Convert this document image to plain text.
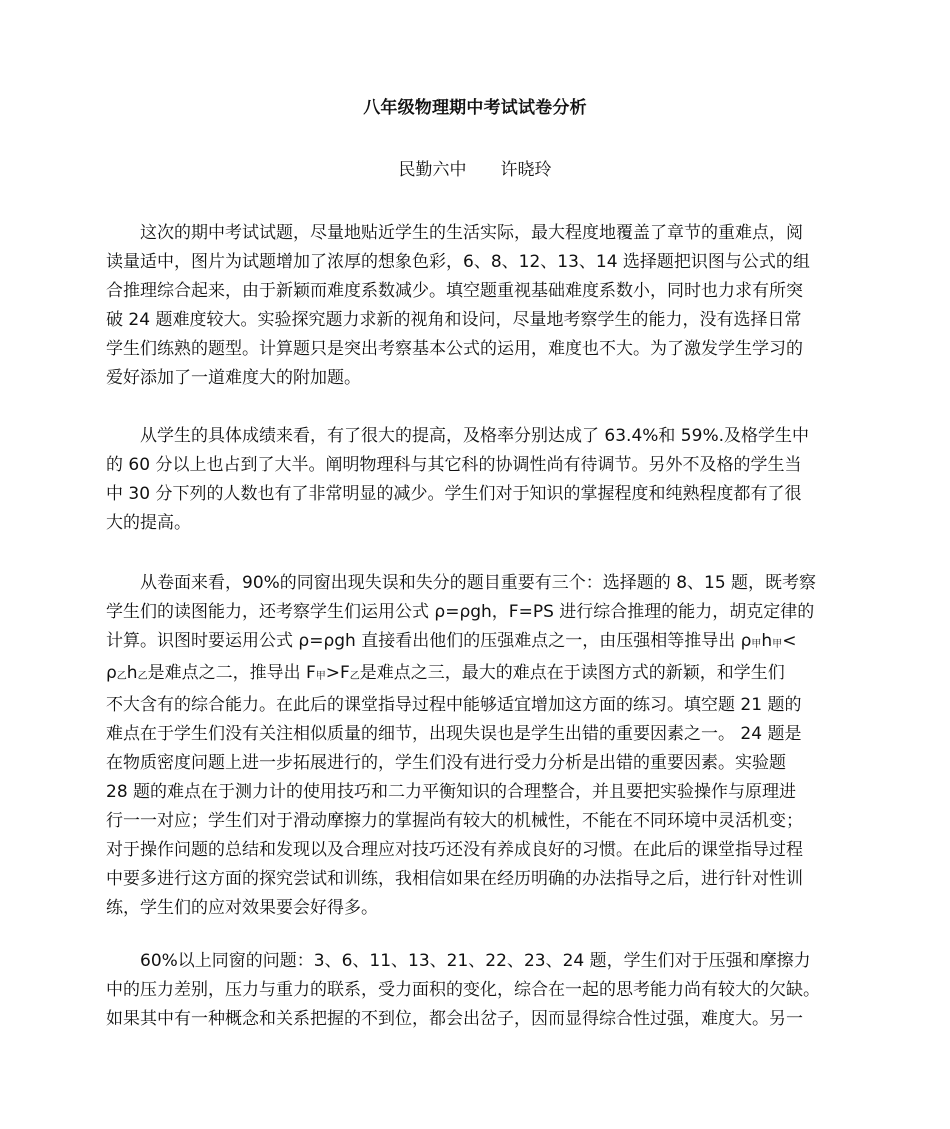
八年级物理期中考试试卷分析
民勤六中 许晓玲

这次的期中考试试题，尽量地贴近学生的生活实际，最大程度地覆盖了章节的重难点，阅
读量适中，图片为试题增加了浓厚的想象色彩，6、8、12、13、14 选择题把识图与公式的组
合推理综合起来，由于新颖而难度系数减少。填空题重视基础难度系数小，同时也力求有所突
破 24 题难度较大。实验探究题力求新的视角和设问，尽量地考察学生的能力，没有选择日常
学生们练熟的题型。计算题只是突出考察基本公式的运用，难度也不大。为了激发学生学习的
爱好添加了一道难度大的附加题。

从学生的具体成绩来看，有了很大的提高，及格率分别达成了 63.4%和 59%.及格学生中
的 60 分以上也占到了大半。阐明物理科与其它科的协调性尚有待调节。另外不及格的学生当
中 30 分下列的人数也有了非常明显的减少。学生们对于知识的掌握程度和纯熟程度都有了很
大的提高。

从卷面来看，90%的同窗出现失误和失分的题目重要有三个：选择题的 8、15 题，既考察
学生们的读图能力，还考察学生们运用公式 ρ=ρgh，F=PS 进行综合推理的能力，胡克定律的
计算。识图时要运用公式 ρ=ρgh 直接看出他们的压强难点之一，由压强相等推导出 ρ甲h甲<
ρ乙h乙是难点之二，推导出 F甲>F乙是难点之三，最大的难点在于读图方式的新颖，和学生们
不大含有的综合能力。在此后的课堂指导过程中能够适宜增加这方面的练习。填空题 21 题的
难点在于学生们没有关注相似质量的细节，出现失误也是学生出错的重要因素之一。 24 题是
在物质密度问题上进一步拓展进行的，学生们没有进行受力分析是出错的重要因素。实验题
28 题的难点在于测力计的使用技巧和二力平衡知识的合理整合，并且要把实验操作与原理进
行一一对应；学生们对于滑动摩擦力的掌握尚有较大的机械性，不能在不同环境中灵活机变；
对于操作问题的总结和发现以及合理应对技巧还没有养成良好的习惯。在此后的课堂指导过程
中要多进行这方面的探究尝试和训练，我相信如果在经历明确的办法指导之后，进行针对性训
练，学生们的应对效果要会好得多。

60%以上同窗的问题：3、6、11、13、21、22、23、24 题，学生们对于压强和摩擦力
中的压力差别，压力与重力的联系，受力面积的变化，综合在一起的思考能力尚有较大的欠缺。
如果其中有一种概念和关系把握的不到位，都会出岔子，因而显得综合性过强，难度大。另一
